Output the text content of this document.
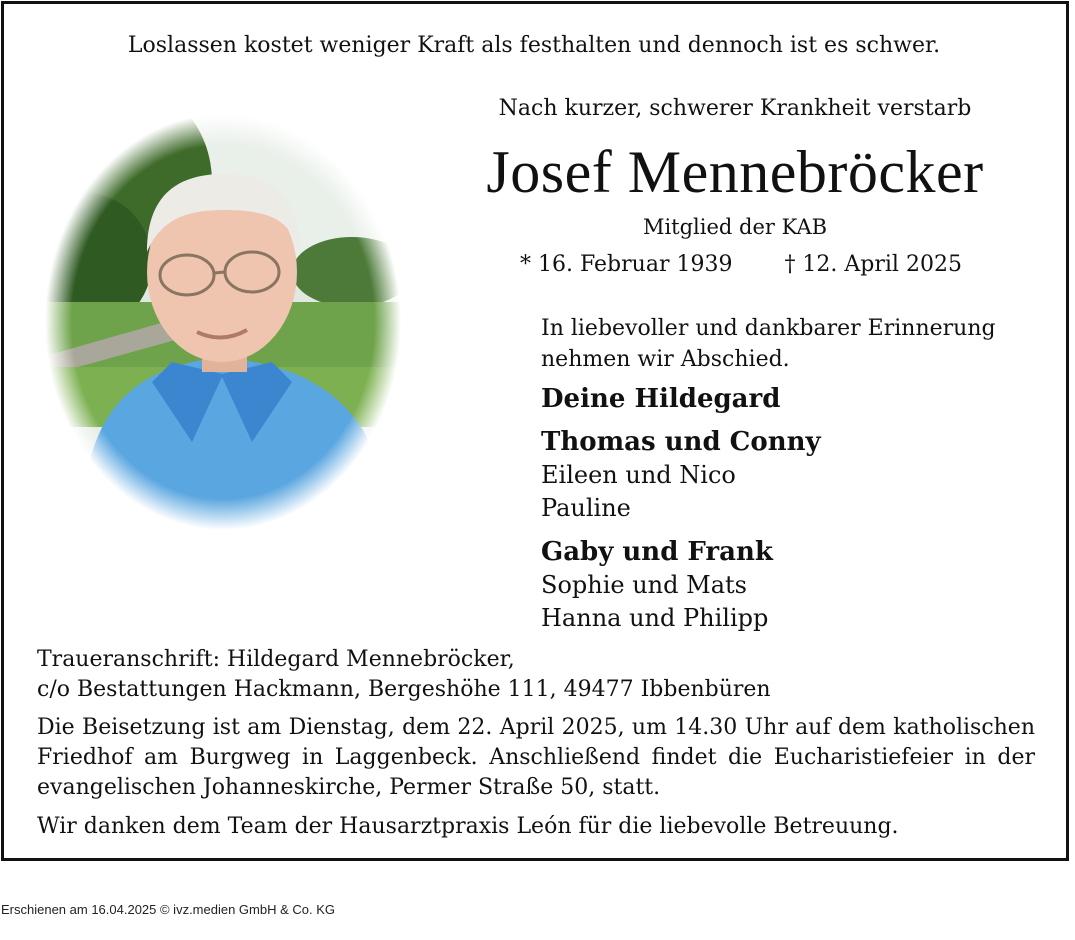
Loslassen kostet weniger Kraft als festhalten und dennoch ist es schwer.
Nach kurzer, schwerer Krankheit verstarb
Josef Mennebröcker
Mitglied der KAB
* 16. Februar 1939 † 12. April 2025
In liebevoller und dankbarer Erinnerung
nehmen wir Abschied.
Deine Hildegard
Thomas und Conny
Eileen und Nico
Pauline
Gaby und Frank
Sophie und Mats
Hanna und Philipp
Traueranschrift: Hildegard Mennebröcker,
c/o Bestattungen Hackmann, Bergeshöhe 111, 49477 Ibbenbüren
Die Beisetzung ist am Dienstag, dem 22. April 2025, um 14.30 Uhr auf dem katholischen Friedhof am Burgweg in Laggenbeck. Anschließend findet die Eucharistiefeier in der evangelischen Johanneskirche, Permer Straße 50, statt.
Wir danken dem Team der Hausarztpraxis León für die liebevolle Betreuung.
Erschienen am 16.04.2025 © ivz.medien GmbH & Co. KG
